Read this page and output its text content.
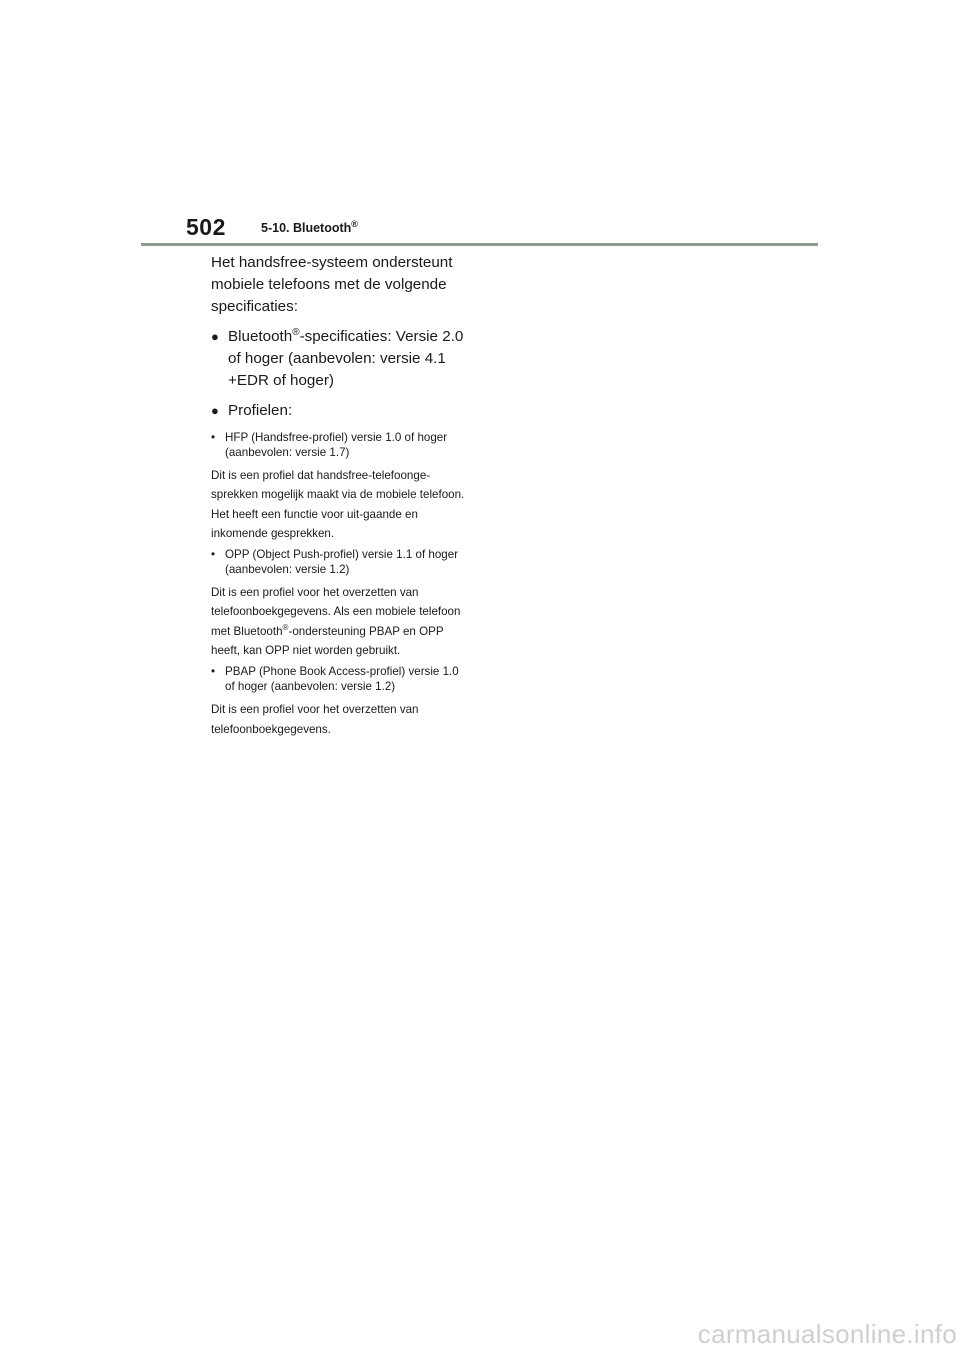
502	5-10. Bluetooth®

Het handsfree-systeem ondersteunt mobiele telefoons met de volgende specificaties:

● Bluetooth®-specificaties: Versie 2.0 of hoger (aanbevolen: versie 4.1 +EDR of hoger)
● Profielen:
• HFP (Handsfree-profiel) versie 1.0 of hoger (aanbevolen: versie 1.7)

Dit is een profiel dat handsfree-telefoonge-sprekken mogelijk maakt via de mobiele telefoon. Het heeft een functie voor uit-gaande en inkomende gesprekken.

• OPP (Object Push-profiel) versie 1.1 of hoger (aanbevolen: versie 1.2)

Dit is een profiel voor het overzetten van telefoonboekgegevens. Als een mobiele telefoon met Bluetooth®-ondersteuning PBAP en OPP heeft, kan OPP niet worden gebruikt.

• PBAP (Phone Book Access-profiel) versie 1.0 of hoger (aanbevolen: versie 1.2)

Dit is een profiel voor het overzetten van telefoonboekgegevens.

carmanualsonline.info
